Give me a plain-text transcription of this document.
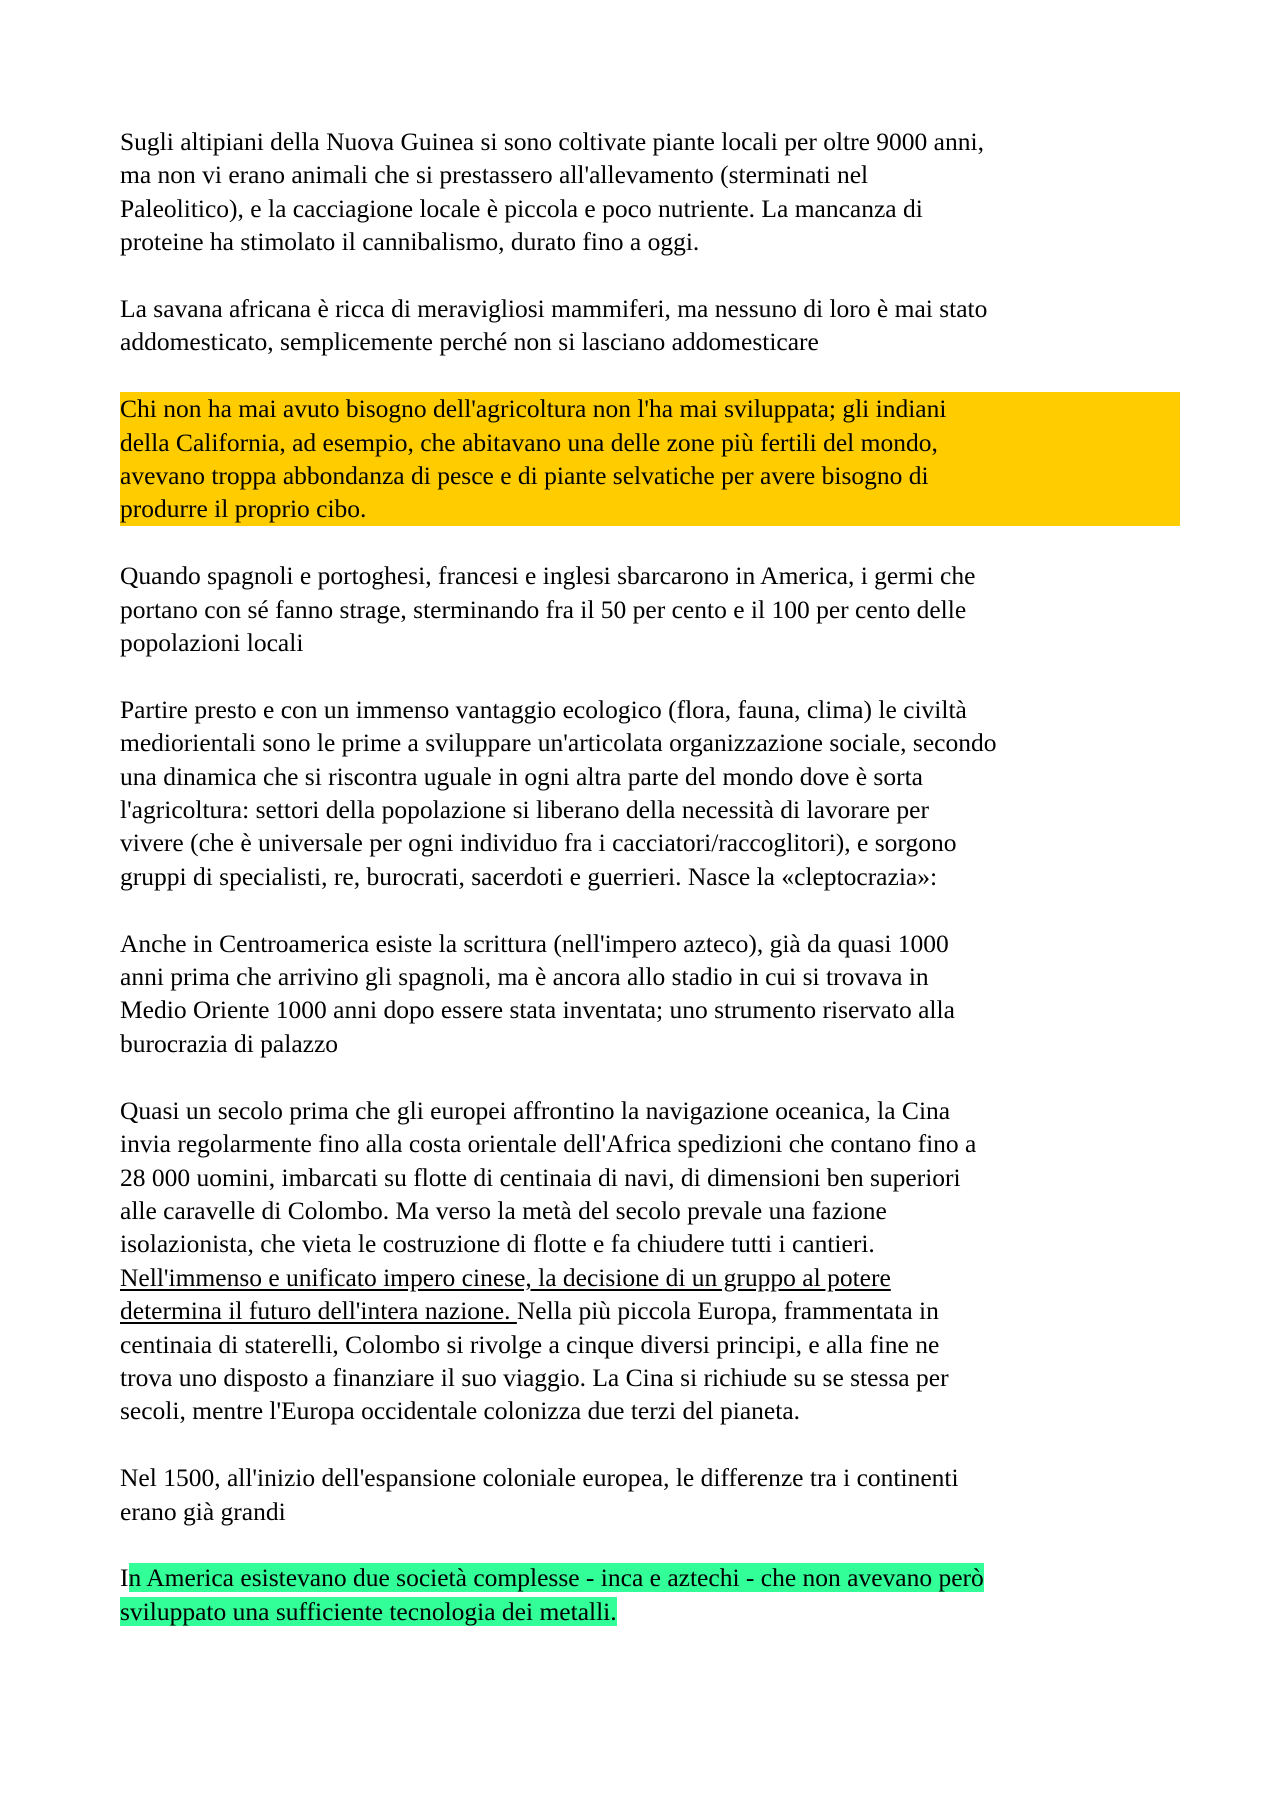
Sugli altipiani della Nuova Guinea si sono coltivate piante locali per oltre 9000 anni,
ma non vi erano animali che si prestassero all'allevamento (sterminati nel
Paleolitico), e la cacciagione locale è piccola e poco nutriente. La mancanza di
proteine ha stimolato il cannibalismo, durato fino a oggi.

La savana africana è ricca di meravigliosi mammiferi, ma nessuno di loro è mai stato
addomesticato, semplicemente perché non si lasciano addomesticare

Chi non ha mai avuto bisogno dell'agricoltura non l'ha mai sviluppata; gli indiani
della California, ad esempio, che abitavano una delle zone più fertili del mondo,
avevano troppa abbondanza di pesce e di piante selvatiche per avere bisogno di
produrre il proprio cibo.

Quando spagnoli e portoghesi, francesi e inglesi sbarcarono in America, i germi che
portano con sé fanno strage, sterminando fra il 50 per cento e il 100 per cento delle
popolazioni locali

Partire presto e con un immenso vantaggio ecologico (flora, fauna, clima) le civiltà
mediorientali sono le prime a sviluppare un'articolata organizzazione sociale, secondo
una dinamica che si riscontra uguale in ogni altra parte del mondo dove è sorta
l'agricoltura: settori della popolazione si liberano della necessità di lavorare per
vivere (che è universale per ogni individuo fra i cacciatori/raccoglitori), e sorgono
gruppi di specialisti, re, burocrati, sacerdoti e guerrieri. Nasce la «cleptocrazia»:

Anche in Centroamerica esiste la scrittura (nell'impero azteco), già da quasi 1000
anni prima che arrivino gli spagnoli, ma è ancora allo stadio in cui si trovava in
Medio Oriente 1000 anni dopo essere stata inventata; uno strumento riservato alla
burocrazia di palazzo

Quasi un secolo prima che gli europei affrontino la navigazione oceanica, la Cina
invia regolarmente fino alla costa orientale dell'Africa spedizioni che contano fino a
28 000 uomini, imbarcati su flotte di centinaia di navi, di dimensioni ben superiori
alle caravelle di Colombo. Ma verso la metà del secolo prevale una fazione
isolazionista, che vieta le costruzione di flotte e fa chiudere tutti i cantieri.
Nell'immenso e unificato impero cinese, la decisione di un gruppo al potere
determina il futuro dell'intera nazione. Nella più piccola Europa, frammentata in
centinaia di staterelli, Colombo si rivolge a cinque diversi principi, e alla fine ne
trova uno disposto a finanziare il suo viaggio. La Cina si richiude su se stessa per
secoli, mentre l'Europa occidentale colonizza due terzi del pianeta.

Nel 1500, all'inizio dell'espansione coloniale europea, le differenze tra i continenti
erano già grandi

In America esistevano due società complesse - inca e aztechi - che non avevano però
sviluppato una sufficiente tecnologia dei metalli.
